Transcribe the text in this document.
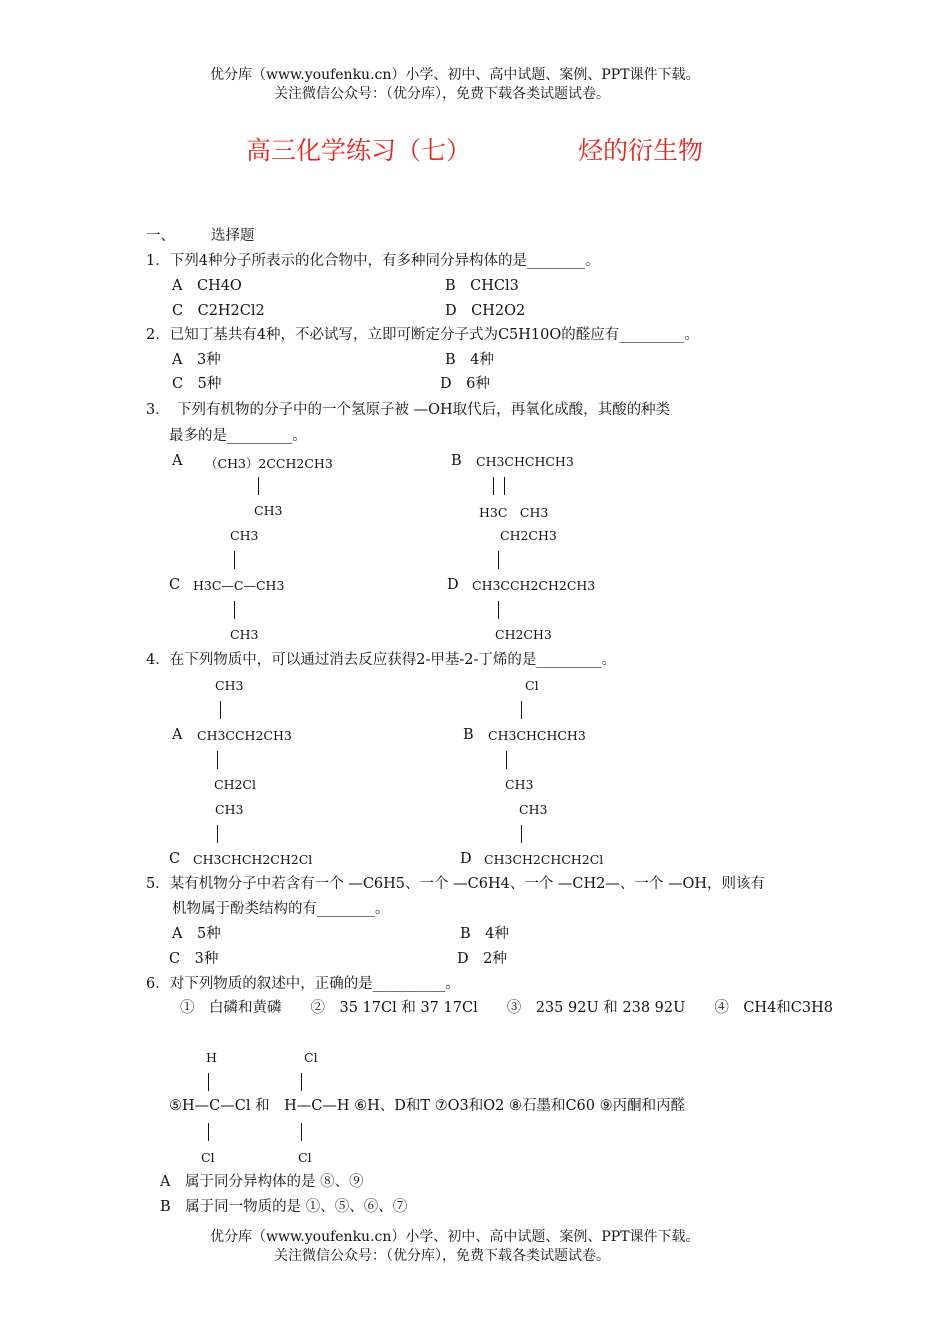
优分库（www.youfenku.cn）小学、初中、高中试题、案例、PPT课件下载。
关注微信公众号：（优分库），免费下载各类试题试卷。
高三化学练习（七）	烃的衍生物
一、 选择题
1．下列4种分子所表示的化合物中，有多种同分异构体的是________。
A　CH4O	B　CHCl3
C　C2H2Cl2	D　CH2O2
2．已知丁基共有4种，不必试写，立即可断定分子式为C5H10O的醛应有_________。
A　3种	B　4种
C　5种	D　6种
3．　下列有机物的分子中的一个氢原子被 —OH取代后，再氧化成酸，其酸的种类
最多的是_________。
A （CH3）2CCH2CH3
CH3
B CH3CHCHCH3
H3C　CH3
CH3
C H3C—C—CH3
CH3
CH2CH3
D CH3CCH2CH2CH3
CH2CH3
4．在下列物质中，可以通过消去反应获得2-甲基-2-丁烯的是_________。
CH3
A CH3CCH2CH3
CH2Cl
Cl
B CH3CHCHCH3
CH3
CH3
C CH3CHCH2CH2Cl
CH3
D CH3CH2CHCH2Cl
5．某有机物分子中若含有一个 —C6H5、一个 —C6H4、一个 —CH2—、一个 —OH，则该有
机物属于酚类结构的有________。
A　5种	B　4种
C　3种	D　2种
6．对下列物质的叙述中，正确的是__________。
①　白磷和黄磷　　②　35 17Cl 和 37 17Cl　　③　235 92U 和 238 92U　　④　CH4和C3H8
H	Cl
⑤H—C—Cl 和　H—C—H ⑥H、D和T ⑦O3和O2 ⑧石墨和C60 ⑨丙酮和丙醛
Cl	Cl
A　属于同分异构体的是 ⑧、⑨
B　属于同一物质的是 ①、⑤、⑥、⑦
优分库（www.youfenku.cn）小学、初中、高中试题、案例、PPT课件下载。
关注微信公众号：（优分库），免费下载各类试题试卷。
